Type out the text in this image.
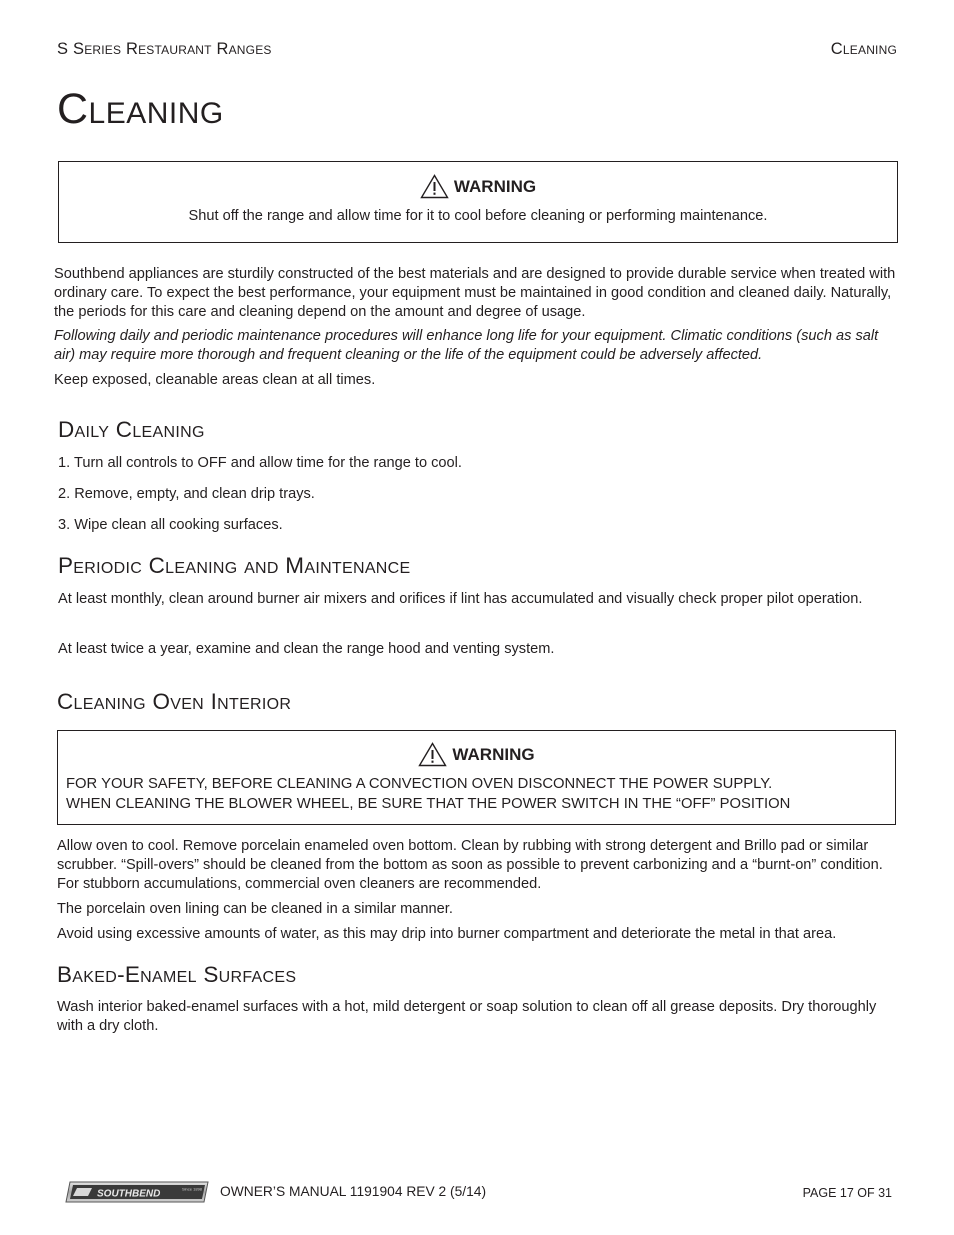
S Series Restaurant Ranges	Cleaning
Cleaning
WARNING
Shut off the range and allow time for it to cool before cleaning or performing maintenance.
Southbend appliances are sturdily constructed of the best materials and are designed to provide durable service when treated with ordinary care. To expect the best performance, your equipment must be maintained in good condition and cleaned daily. Naturally, the periods for this care and cleaning depend on the amount and degree of usage.
Following daily and periodic maintenance procedures will enhance long life for your equipment. Climatic conditions (such as salt air) may require more thorough and frequent cleaning or the life of the equipment could be adversely affected.
Keep exposed, cleanable areas clean at all times.
Daily Cleaning
1. Turn all controls to OFF and allow time for the range to cool.
2. Remove, empty, and clean drip trays.
3. Wipe clean all cooking surfaces.
Periodic Cleaning and Maintenance
At least monthly, clean around burner air mixers and orifices if lint has accumulated and visually check proper pilot operation.
At least twice a year, examine and clean the range hood and venting system.
Cleaning Oven Interior
WARNING
FOR YOUR SAFETY, BEFORE CLEANING A CONVECTION OVEN DISCONNECT THE POWER SUPPLY.
WHEN CLEANING THE BLOWER WHEEL, BE SURE THAT THE POWER SWITCH IN THE “OFF” POSITION
Allow oven to cool. Remove porcelain enameled oven bottom. Clean by rubbing with strong detergent and Brillo pad or similar scrubber. “Spill-overs” should be cleaned from the bottom as soon as possible to prevent carbonizing and a “burnt-on” condition. For stubborn accumulations, commercial oven cleaners are recommended.
The porcelain oven lining can be cleaned in a similar manner.
Avoid using excessive amounts of water, as this may drip into burner compartment and deteriorate the metal in that area.
Baked-Enamel Surfaces
Wash interior baked-enamel surfaces with a hot, mild detergent or soap solution to clean off all grease deposits. Dry thoroughly with a dry cloth.
SOUTHBEND	Since 1898 OWNER’S MANUAL 1191904 REV 2 (5/14)	PAGE 17 OF 31
